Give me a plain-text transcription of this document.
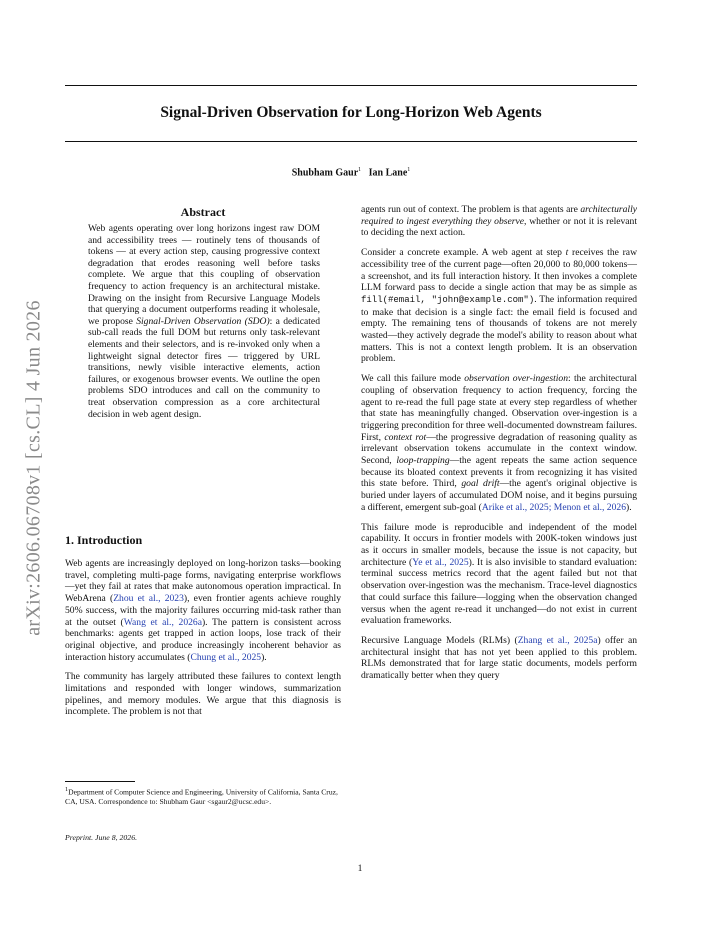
Signal-Driven Observation for Long-Horizon Web Agents
Shubham Gaur$^1$ Ian Lane$^1$
arXiv:2606.06708v1 [cs.CL] 4 Jun 2026
Abstract

Web agents operating over long horizons ingest raw DOM and accessibility trees — routinely tens of thousands of tokens — at every action step, causing progressive context degradation that erodes reasoning well before tasks complete. We argue that this coupling of observation frequency to action frequency is an architectural mistake. Drawing on the insight from Recursive Language Models that querying a document outperforms reading it wholesale, we propose Signal-Driven Observation (SDO): a dedicated sub-call reads the full DOM but returns only task-relevant elements and their selectors, and is re-invoked only when a lightweight signal detector fires — triggered by URL transitions, newly visible interactive elements, action failures, or exogenous browser events. We outline the open problems SDO introduces and call on the community to treat observation compression as a core architectural decision in web agent design.

1. Introduction

Web agents are increasingly deployed on long-horizon tasks—booking travel, completing multi-page forms, navigating enterprise workflows—yet they fail at rates that make autonomous operation impractical. In WebArena (Zhou et al., 2023), even frontier agents achieve roughly 50% success, with the majority failures occurring mid-task rather than at the outset (Wang et al., 2026a). The pattern is consistent across benchmarks: agents get trapped in action loops, lose track of their original objective, and produce increasingly incoherent behavior as interaction history accumulates (Chung et al., 2025).

The community has largely attributed these failures to context length limitations and responded with longer windows, summarization pipelines, and memory modules. We argue that this diagnosis is incomplete. The problem is not that

agents run out of context. The problem is that agents are architecturally required to ingest everything they observe, whether or not it is relevant to deciding the next action.

Consider a concrete example. A web agent at step t receives the raw accessibility tree of the current page—often 20,000 to 80,000 tokens—a screenshot, and its full interaction history. It then invokes a complete LLM forward pass to decide a single action that may be as simple as fill(#email, "john@example.com"). The information required to make that decision is a single fact: the email field is focused and empty. The remaining tens of thousands of tokens are not merely wasted—they actively degrade the model's ability to reason about what matters. This is not a context length problem. It is an observation problem.

We call this failure mode observation over-ingestion: the architectural coupling of observation frequency to action frequency, forcing the agent to re-read the full page state at every step regardless of whether that state has meaningfully changed. Observation over-ingestion is a triggering precondition for three well-documented downstream failures. First, context rot—the progressive degradation of reasoning quality as irrelevant observation tokens accumulate in the context window. Second, loop-trapping—the agent repeats the same action sequence because its bloated context prevents it from recognizing it has visited this state before. Third, goal drift—the agent's original objective is buried under layers of accumulated DOM noise, and it begins pursuing a different, emergent sub-goal (Arike et al., 2025; Menon et al., 2026).

This failure mode is reproducible and independent of the model capability. It occurs in frontier models with 200K-token windows just as it occurs in smaller models, because the issue is not capacity, but architecture (Ye et al., 2025). It is also invisible to standard evaluation: terminal success metrics record that the agent failed but not that observation over-ingestion was the mechanism. Trace-level diagnostics that could surface this failure—logging when the observation changed versus when the agent re-read it unchanged—do not exist in current evaluation frameworks.

Recursive Language Models (RLMs) (Zhang et al., 2025a) offer an architectural insight that has not yet been applied to this problem. RLMs demonstrated that for large static documents, models perform dramatically better when they query

$^1$Department of Computer Science and Engineering, University of California, Santa Cruz, CA, USA. Correspondence to: Shubham Gaur <sgaur2@ucsc.edu>.
Preprint. June 8, 2026.
1
